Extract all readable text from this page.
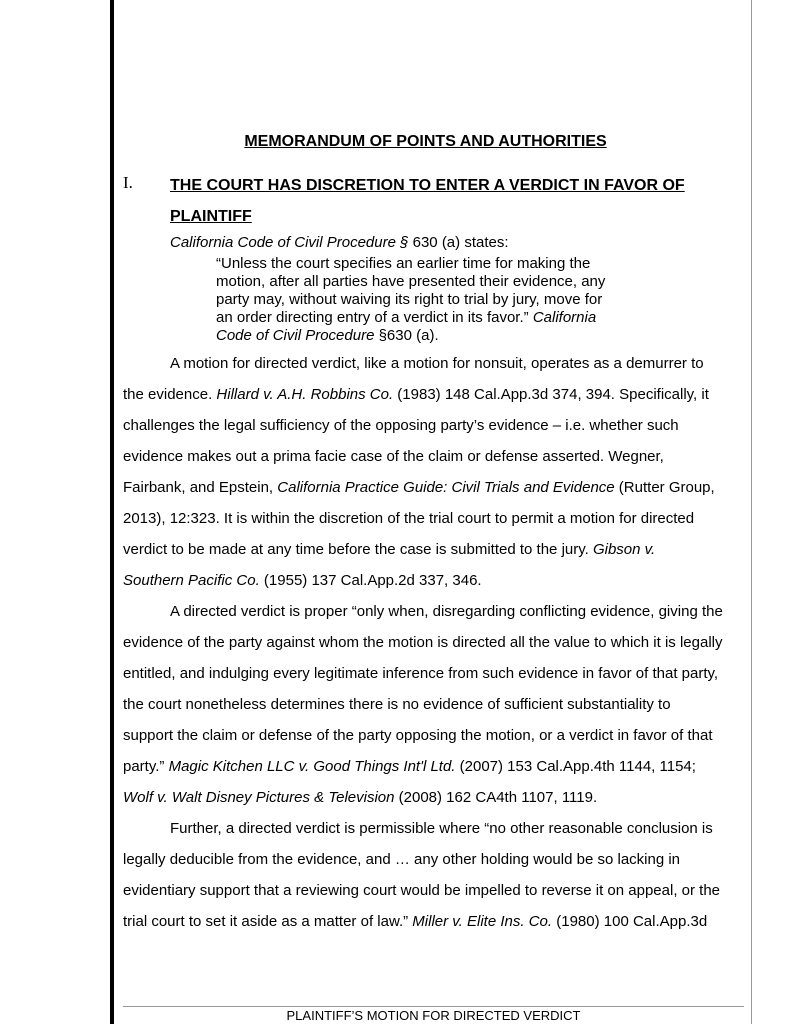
MEMORANDUM OF POINTS AND AUTHORITIES
I. THE COURT HAS DISCRETION TO ENTER A VERDICT IN FAVOR OF
PLAINTIFF
California Code of Civil Procedure § 630 (a) states:
“Unless the court specifies an earlier time for making the
motion, after all parties have presented their evidence, any
party may, without waiving its right to trial by jury, move for
an order directing entry of a verdict in its favor.” California
Code of Civil Procedure §630 (a).
A motion for directed verdict, like a motion for nonsuit, operates as a demurrer to
the evidence. Hillard v. A.H. Robbins Co. (1983) 148 Cal.App.3d 374, 394. Specifically, it
challenges the legal sufficiency of the opposing party’s evidence – i.e. whether such
evidence makes out a prima facie case of the claim or defense asserted. Wegner,
Fairbank, and Epstein, California Practice Guide: Civil Trials and Evidence (Rutter Group,
2013), 12:323. It is within the discretion of the trial court to permit a motion for directed
verdict to be made at any time before the case is submitted to the jury. Gibson v.
Southern Pacific Co. (1955) 137 Cal.App.2d 337, 346.
A directed verdict is proper “only when, disregarding conflicting evidence, giving the
evidence of the party against whom the motion is directed all the value to which it is legally
entitled, and indulging every legitimate inference from such evidence in favor of that party,
the court nonetheless determines there is no evidence of sufficient substantiality to
support the claim or defense of the party opposing the motion, or a verdict in favor of that
party.” Magic Kitchen LLC v. Good Things Int'l Ltd. (2007) 153 Cal.App.4th 1144, 1154;
Wolf v. Walt Disney Pictures & Television (2008) 162 CA4th 1107, 1119.
Further, a directed verdict is permissible where “no other reasonable conclusion is
legally deducible from the evidence, and … any other holding would be so lacking in
evidentiary support that a reviewing court would be impelled to reverse it on appeal, or the
trial court to set it aside as a matter of law.” Miller v. Elite Ins. Co. (1980) 100 Cal.App.3d
PLAINTIFF’S MOTION FOR DIRECTED VERDICT
